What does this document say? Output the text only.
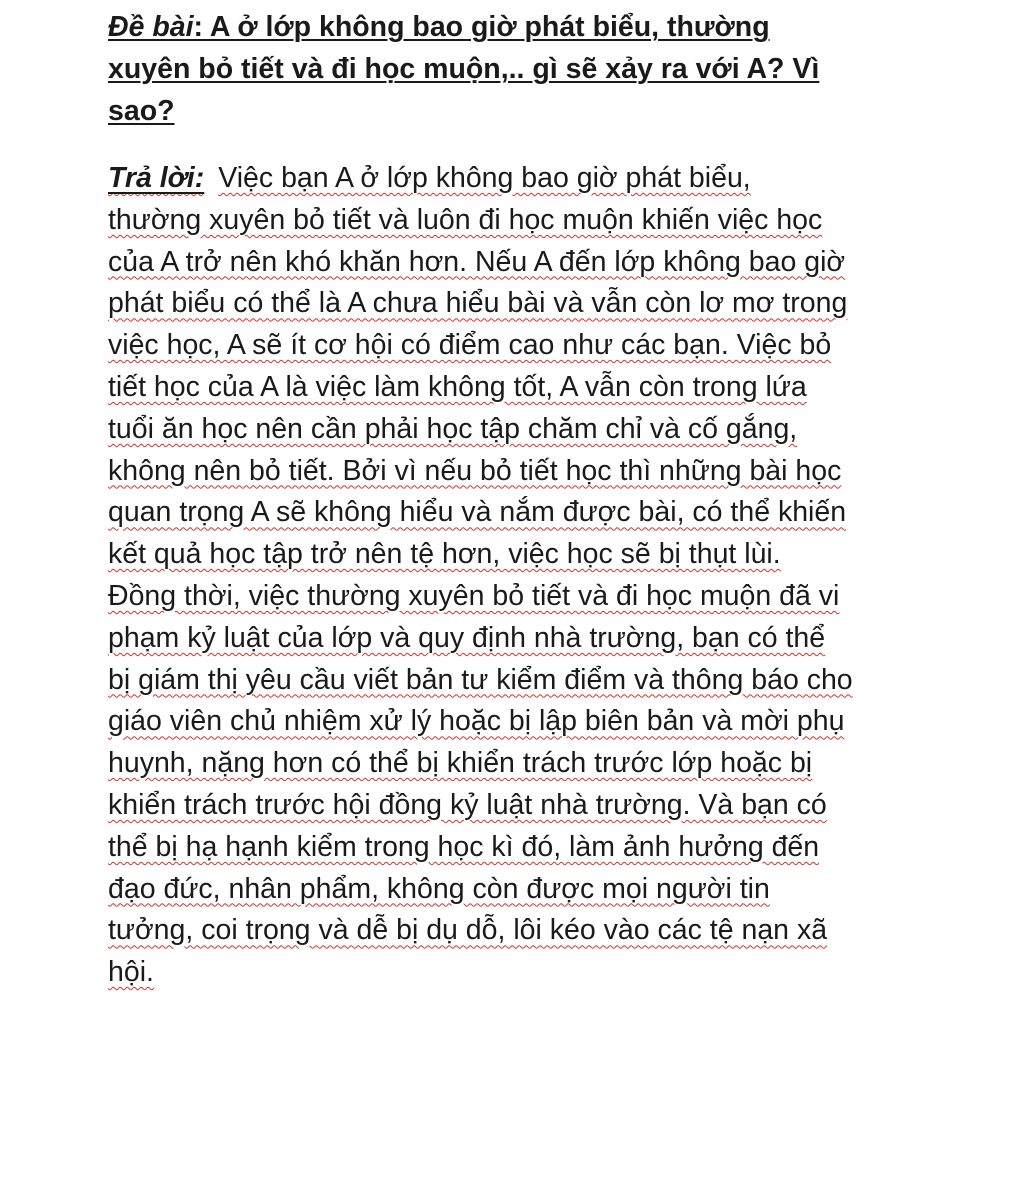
Đề bài: A ở lớp không bao giờ phát biểu, thường
xuyên bỏ tiết và đi học muộn,.. gì sẽ xảy ra với A? Vì
sao?
Trả lời: Việc bạn A ở lớp không bao giờ phát biểu,
thường xuyên bỏ tiết và luôn đi học muộn khiến việc học
của A trở nên khó khăn hơn. Nếu A đến lớp không bao giờ
phát biểu có thể là A chưa hiểu bài và vẫn còn lơ mơ trong
việc học, A sẽ ít cơ hội có điểm cao như các bạn. Việc bỏ
tiết học của A là việc làm không tốt, A vẫn còn trong lứa
tuổi ăn học nên cần phải học tập chăm chỉ và cố gắng,
không nên bỏ tiết. Bởi vì nếu bỏ tiết học thì những bài học
quan trọng A sẽ không hiểu và nắm được bài, có thể khiến
kết quả học tập trở nên tệ hơn, việc học sẽ bị thụt lùi.
Đồng thời, việc thường xuyên bỏ tiết và đi học muộn đã vi
phạm kỷ luật của lớp và quy định nhà trường, bạn có thể
bị giám thị yêu cầu viết bản tư kiểm điểm và thông báo cho
giáo viên chủ nhiệm xử lý hoặc bị lập biên bản và mời phụ
huynh, nặng hơn có thể bị khiển trách trước lớp hoặc bị
khiển trách trước hội đồng kỷ luật nhà trường. Và bạn có
thể bị hạ hạnh kiểm trong học kì đó, làm ảnh hưởng đến
đạo đức, nhân phẩm, không còn được mọi người tin
tưởng, coi trọng và dễ bị dụ dỗ, lôi kéo vào các tệ nạn xã
hội.
